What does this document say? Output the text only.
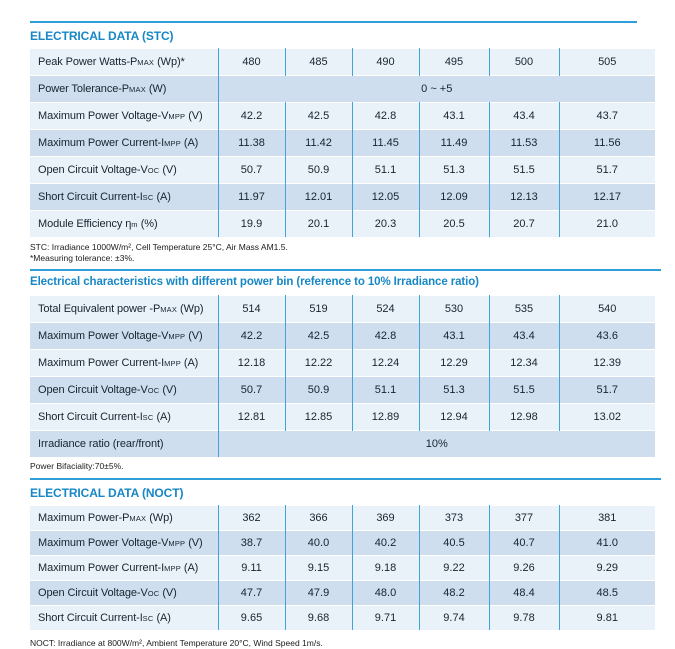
ELECTRICAL DATA (STC)
Peak Power Watts-PMAX (Wp)*	480	485	490	495	500	505
Power Tolerance-PMAX (W)	0 ~ +5					
Maximum Power Voltage-VMPP (V)	42.2	42.5	42.8	43.1	43.4	43.7
Maximum Power Current-IMPP (A)	11.38	11.42	11.45	11.49	11.53	11.56
Open Circuit Voltage-VOC (V)	50.7	50.9	51.1	51.3	51.5	51.7
Short Circuit Current-ISC (A)	11.97	12.01	12.05	12.09	12.13	12.17
Module Efficiency ηm (%)	19.9	20.1	20.3	20.5	20.7	21.0
STC: Irradiance 1000W/m², Cell Temperature 25°C, Air Mass AM1.5.
*Measuring tolerance: ±3%.
Electrical characteristics with different power bin (reference to 10% Irradiance ratio)
Total Equivalent power -PMAX (Wp)	514	519	524	530	535	540
Maximum Power Voltage-VMPP (V)	42.2	42.5	42.8	43.1	43.4	43.6
Maximum Power Current-IMPP (A)	12.18	12.22	12.24	12.29	12.34	12.39
Open Circuit Voltage-VOC (V)	50.7	50.9	51.1	51.3	51.5	51.7
Short Circuit Current-ISC (A)	12.81	12.85	12.89	12.94	12.98	13.02
Irradiance ratio (rear/front)	10%					
Power Bifaciality:70±5%.
ELECTRICAL DATA (NOCT)
Maximum Power-PMAX (Wp)	362	366	369	373	377	381
Maximum Power Voltage-VMPP (V)	38.7	40.0	40.2	40.5	40.7	41.0
Maximum Power Current-IMPP (A)	9.11	9.15	9.18	9.22	9.26	9.29
Open Circuit Voltage-VOC (V)	47.7	47.9	48.0	48.2	48.4	48.5
Short Circuit Current-ISC (A)	9.65	9.68	9.71	9.74	9.78	9.81
NOCT: Irradiance at 800W/m², Ambient Temperature 20°C, Wind Speed 1m/s.
